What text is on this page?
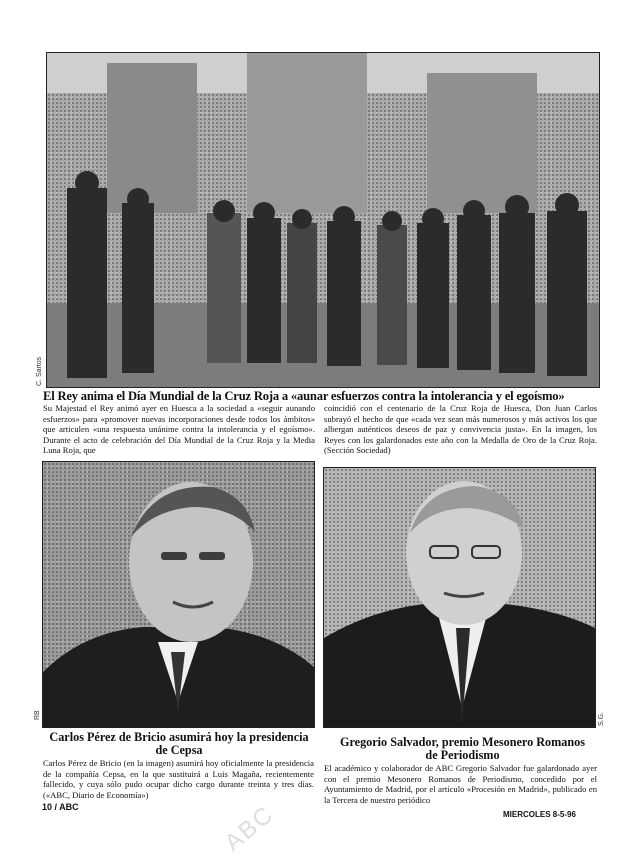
ABC
C. Sartos
El Rey anima el Día Mundial de la Cruz Roja a «aunar esfuerzos contra la intolerancia y el egoísmo»
Su Majestad el Rey animó ayer en Huesca a la sociedad a «seguir aunando esfuerzos» para «promover nuevas incorporaciones desde todos los ámbitos» que articulen «una respuesta unánime contra la intolerancia y el egoísmo». Durante el acto de celebración del Día Mundial de la Cruz Roja y la Media Luna Roja, que
coincidió con el centenario de la Cruz Roja de Huesca, Don Juan Carlos subrayó el hecho de que «cada vez sean más numerosos y más activos los que albergan auténticos deseos de paz y convivencia justa». En la imagen, los Reyes con los galardonados este año con la Medalla de Oro de la Cruz Roja. (Sección Sociedad)
RB	S.G.
Carlos Pérez de Bricio asumirá hoy la presidencia de Cepsa
Carlos Pérez de Bricio (en la imagen) asumirá hoy oficialmente la presidencia de la compañía Cepsa, en la que sustituirá a Luis Magaña, recientemente fallecido, y cuya sólo pudo ocupar dicho cargo durante treinta y tres días. («ABC, Diario de Economía»)
Gregorio Salvador, premio Mesonero Romanos de Periodismo
El académico y colaborador de ABC Gregorio Salvador fue galardonado ayer con el premio Mesonero Romanos de Periodismo, concedido por el Ayuntamiento de Madrid, por el artículo «Procesión en Madrid», publicado en la Tercera de nuestro periódico
10 / ABC
MIERCOLES 8-5-96
